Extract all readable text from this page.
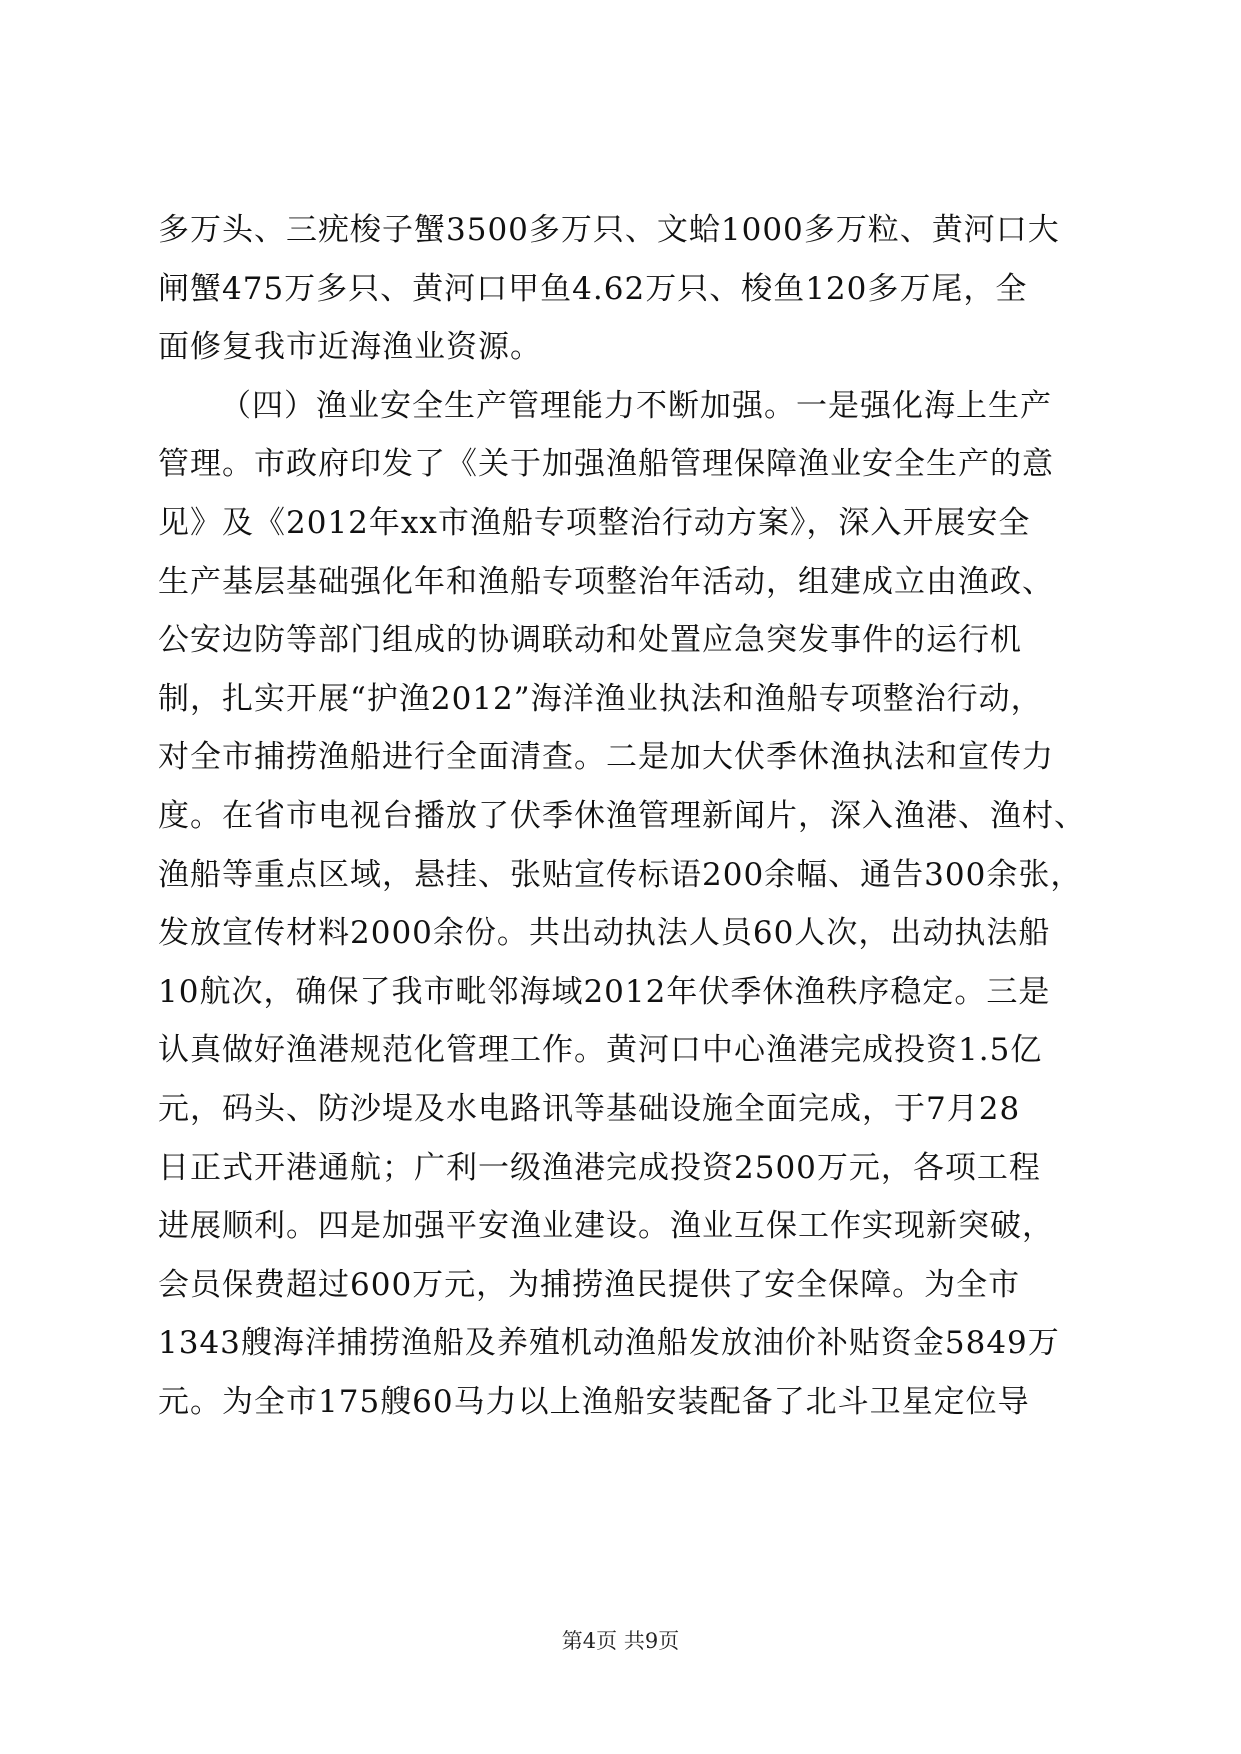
多万头、三疣梭子蟹3500多万只、文蛤1000多万粒、黄河口大
闸蟹475万多只、黄河口甲鱼4.62万只、梭鱼120多万尾，全
面修复我市近海渔业资源。
（四）渔业安全生产管理能力不断加强。一是强化海上生产
管理。市政府印发了《关于加强渔船管理保障渔业安全生产的意
见》及《2012年xx市渔船专项整治行动方案》，深入开展安全
生产基层基础强化年和渔船专项整治年活动，组建成立由渔政、
公安边防等部门组成的协调联动和处置应急突发事件的运行机
制，扎实开展“护渔2012”海洋渔业执法和渔船专项整治行动，
对全市捕捞渔船进行全面清查。二是加大伏季休渔执法和宣传力
度。在省市电视台播放了伏季休渔管理新闻片，深入渔港、渔村、
渔船等重点区域，悬挂、张贴宣传标语200余幅、通告300余张，
发放宣传材料2000余份。共出动执法人员60人次，出动执法船
10航次，确保了我市毗邻海域2012年伏季休渔秩序稳定。三是
认真做好渔港规范化管理工作。黄河口中心渔港完成投资1.5亿
元，码头、防沙堤及水电路讯等基础设施全面完成，于7月28
日正式开港通航；广利一级渔港完成投资2500万元，各项工程
进展顺利。四是加强平安渔业建设。渔业互保工作实现新突破，
会员保费超过600万元，为捕捞渔民提供了安全保障。为全市
1343艘海洋捕捞渔船及养殖机动渔船发放油价补贴资金5849万
元。为全市175艘60马力以上渔船安装配备了北斗卫星定位导
第4页 共9页
